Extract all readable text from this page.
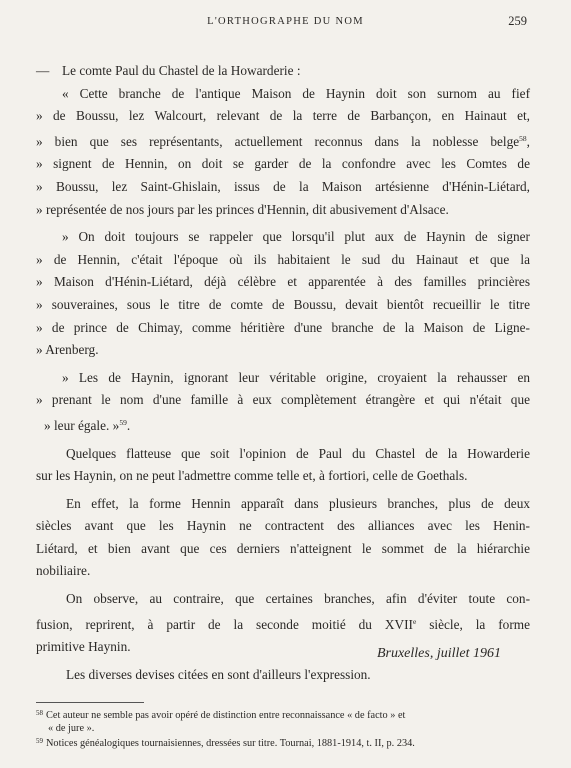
L'ORTHOGRAPHE DU NOM	259
— Le comte Paul du Chastel de la Howarderie :
« Cette branche de l'antique Maison de Haynin doit son surnom au fief
» de Boussu, lez Walcourt, relevant de la terre de Barbançon, en Hainaut et,
» bien que ses représentants, actuellement reconnus dans la noblesse belge$^{58}$,
» signent de Hennin, on doit se garder de la confondre avec les Comtes de
» Boussu, lez Saint-Ghislain, issus de la Maison artésienne d'Hénin-Liétard,
» représentée de nos jours par les princes d'Hennin, dit abusivement d'Alsace.
» On doit toujours se rappeler que lorsqu'il plut aux de Haynin de signer
» de Hennin, c'était l'époque où ils habitaient le sud du Hainaut et que la
» Maison d'Hénin-Liétard, déjà célèbre et apparentée à des familles princières
» souveraines, sous le titre de comte de Boussu, devait bientôt recueillir le titre
» de prince de Chimay, comme héritière d'une branche de la Maison de Ligne-
» Arenberg.
» Les de Haynin, ignorant leur véritable origine, croyaient la rehausser en
» prenant le nom d'une famille à eux complètement étrangère et qui n'était que
» leur égale. »$^{59}$.
Quelques flatteuse que soit l'opinion de Paul du Chastel de la Howarderie
sur les Haynin, on ne peut l'admettre comme telle et, à fortiori, celle de Goethals.
En effet, la forme Hennin apparaît dans plusieurs branches, plus de deux
siècles avant que les Haynin ne contractent des alliances avec les Henin-
Liétard, et bien avant que ces derniers n'atteignent le sommet de la hiérarchie
nobiliaire.
On observe, au contraire, que certaines branches, afin d'éviter toute con-
fusion, reprirent, à partir de la seconde moitié du XVIIe siècle, la forme
primitive Haynin.
Les diverses devises citées en sont d'ailleurs l'expression.
Bruxelles, juillet 1961
$^{58}$ Cet auteur ne semble pas avoir opéré de distinction entre reconnaissance « de facto » et
« de jure ».
$^{59}$ Notices généalogiques tournaisiennes, dressées sur titre. Tournai, 1881-1914, t. II, p. 234.
